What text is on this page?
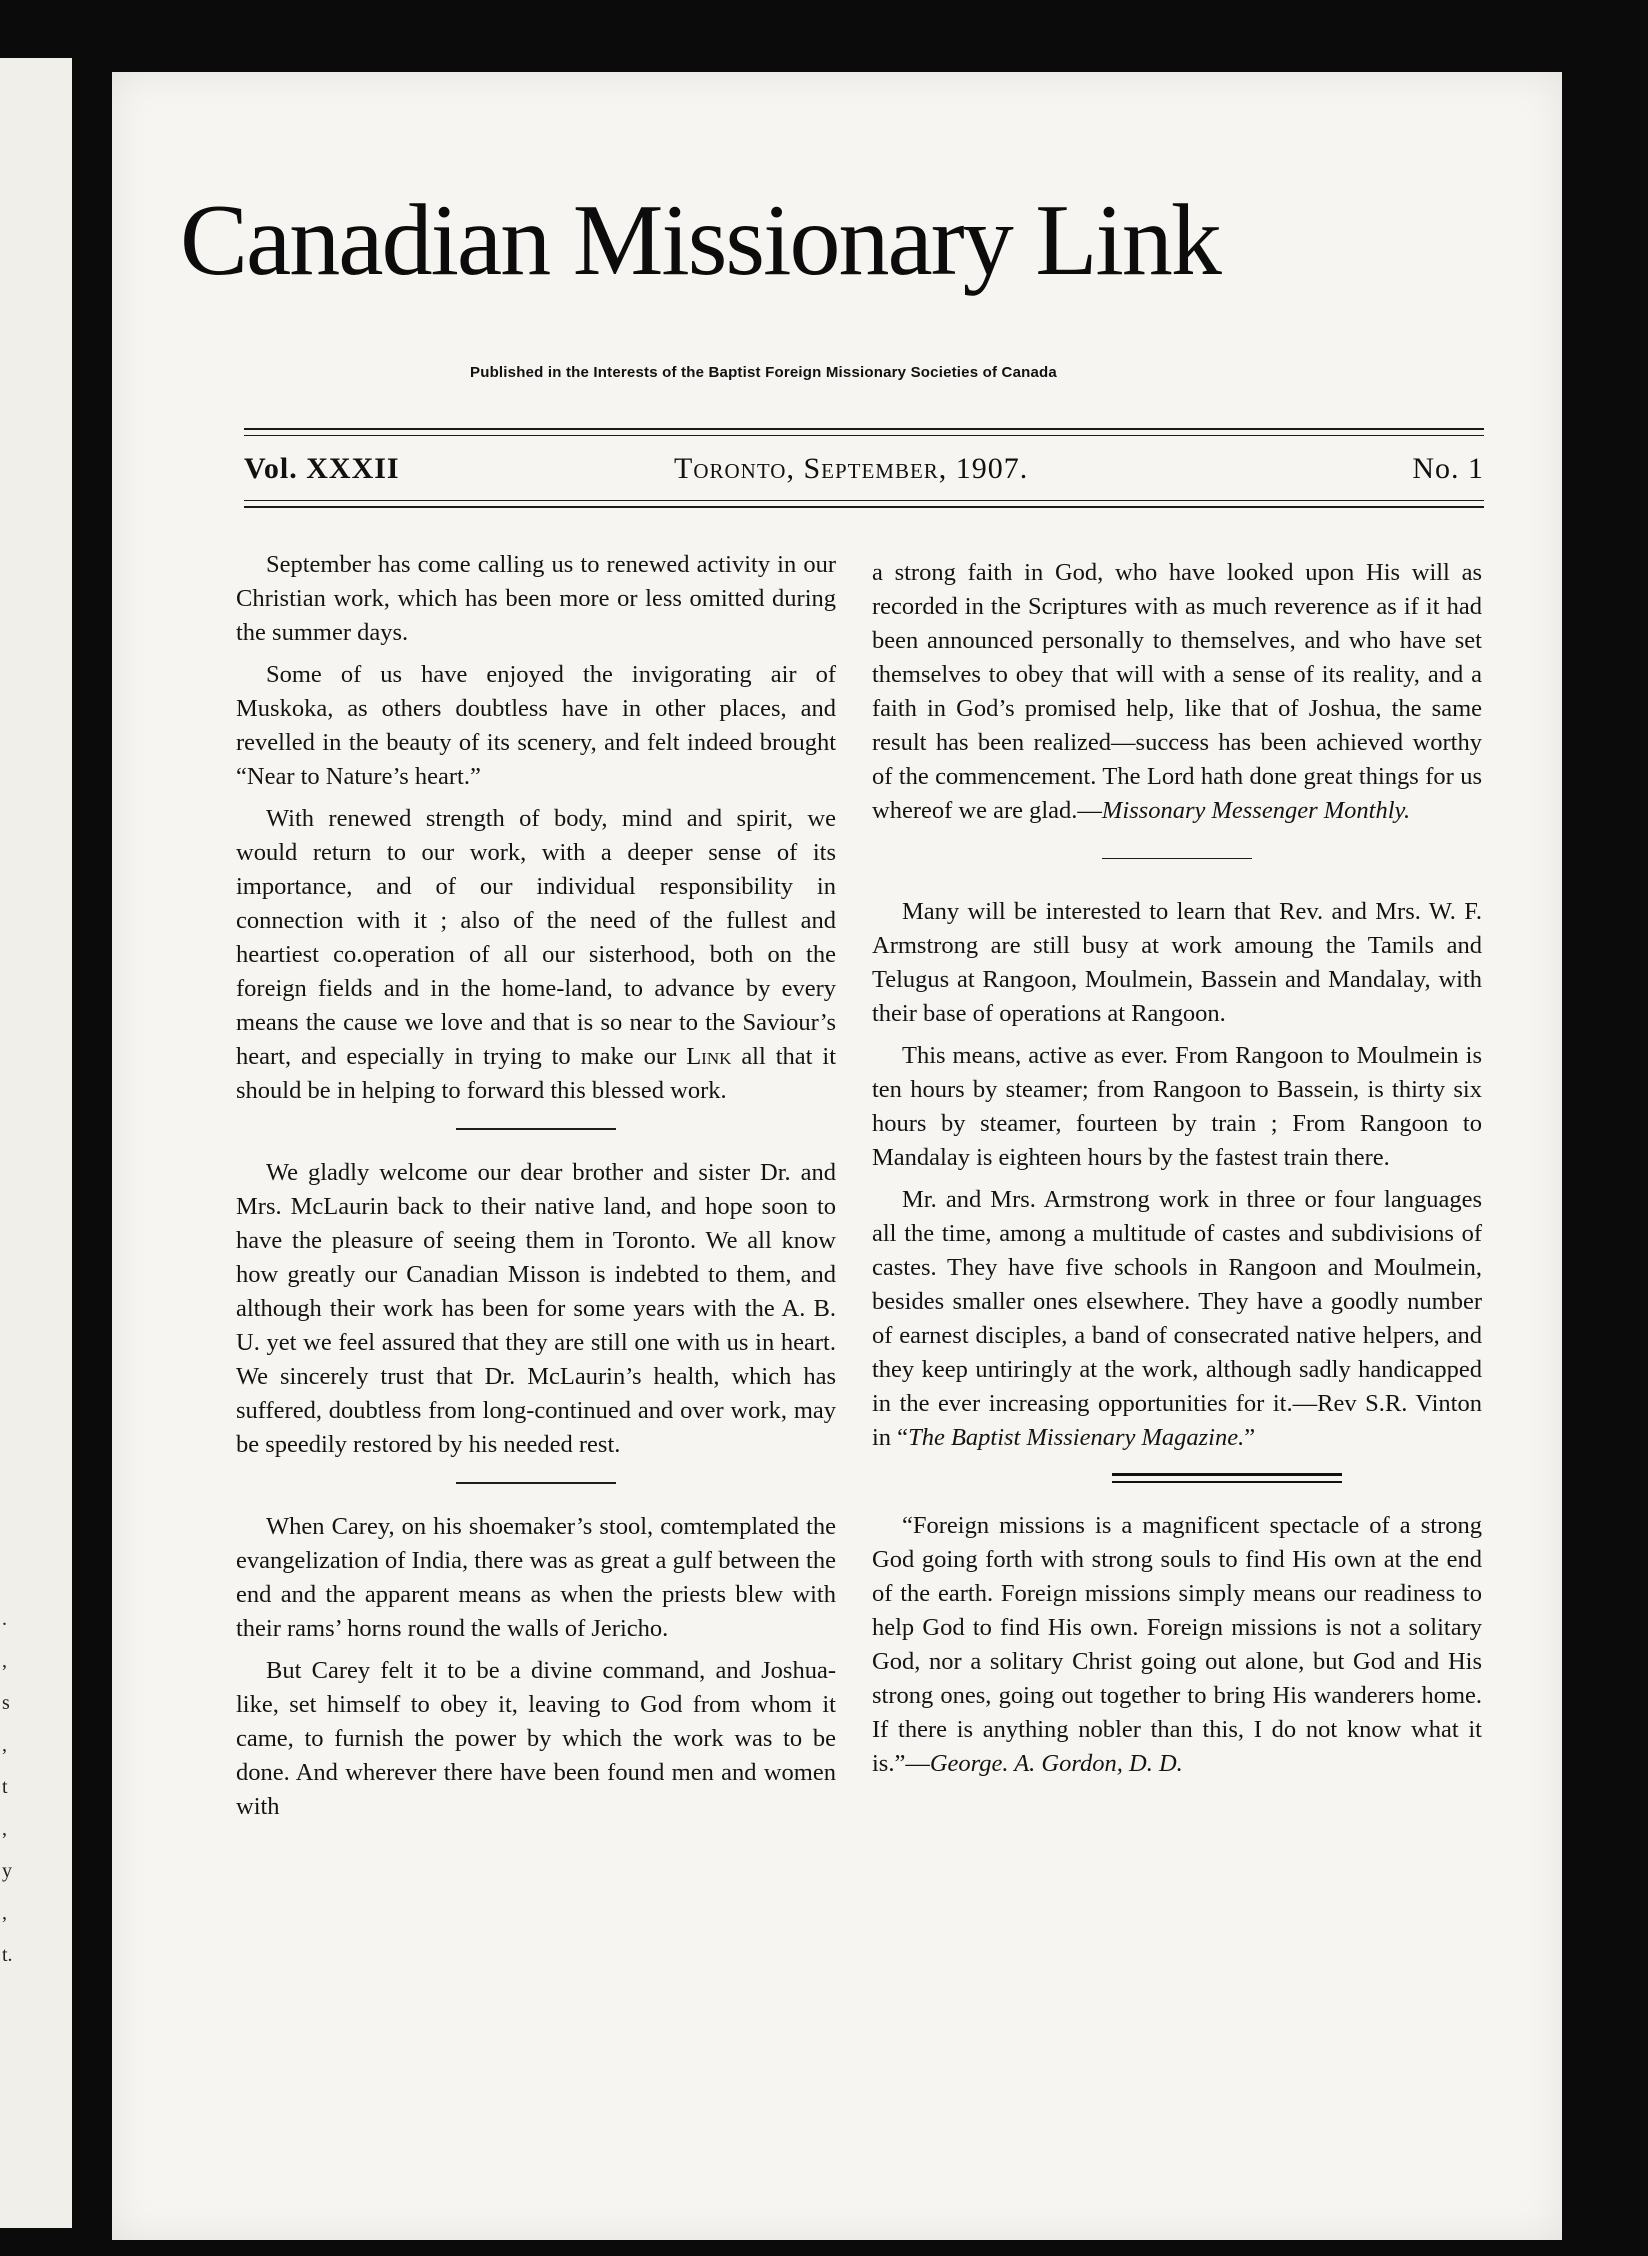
. , s , t , y , t.
Canadian Missionary Link
Published in the Interests of the Baptist Foreign Missionary Societies of Canada
Vol. XXXII	Toronto, September, 1907.	No. 1

September has come calling us to renewed activity in our Christian work, which has been more or less omitted during the summer days.

Some of us have enjoyed the invigorating air of Muskoka, as others doubtless have in other places, and revelled in the beauty of its scenery, and felt indeed brought “Near to Nature’s heart.”

With renewed strength of body, mind and spirit, we would return to our work, with a deeper sense of its importance, and of our individual responsibility in connection with it ; also of the need of the fullest and heartiest co.operation of all our sisterhood, both on the foreign fields and in the home-land, to advance by every means the cause we love and that is so near to the Saviour’s heart, and especially in trying to make our Link all that it should be in helping to forward this blessed work.

We gladly welcome our dear brother and sister Dr. and Mrs. McLaurin back to their native land, and hope soon to have the pleasure of seeing them in Toronto. We all know how greatly our Canadian Misson is indebted to them, and although their work has been for some years with the A. B. U. yet we feel assured that they are still one with us in heart. We sincerely trust that Dr. McLaurin’s health, which has suffered, doubtless from long-continued and over work, may be speedily restored by his needed rest.

When Carey, on his shoemaker’s stool, comtemplated the evangelization of India, there was as great a gulf between the end and the apparent means as when the priests blew with their rams’ horns round the walls of Jericho.

But Carey felt it to be a divine command, and Joshua-like, set himself to obey it, leaving to God from whom it came, to furnish the power by which the work was to be done. And wherever there have been found men and women with

a strong faith in God, who have looked upon His will as recorded in the Scriptures with as much reverence as if it had been announced personally to themselves, and who have set themselves to obey that will with a sense of its reality, and a faith in God’s promised help, like that of Joshua, the same result has been realized—success has been achieved worthy of the commencement. The Lord hath done great things for us whereof we are glad.—Missonary Messenger Monthly.

Many will be interested to learn that Rev. and Mrs. W. F. Armstrong are still busy at work amoung the Tamils and Telugus at Rangoon, Moulmein, Bassein and Mandalay, with their base of operations at Rangoon.

This means, active as ever. From Rangoon to Moulmein is ten hours by steamer; from Rangoon to Bassein, is thirty six hours by steamer, fourteen by train ; From Rangoon to Mandalay is eighteen hours by the fastest train there.

Mr. and Mrs. Armstrong work in three or four languages all the time, among a multitude of castes and subdivisions of castes. They have five schools in Rangoon and Moulmein, besides smaller ones elsewhere. They have a goodly number of earnest disciples, a band of consecrated native helpers, and they keep untiringly at the work, although sadly handicapped in the ever increasing opportunities for it.—Rev S.R. Vinton in “The Baptist Missienary Magazine.”

“Foreign missions is a magnificent spectacle of a strong God going forth with strong souls to find His own at the end of the earth. Foreign missions simply means our readiness to help God to find His own. Foreign missions is not a solitary God, nor a solitary Christ going out alone, but God and His strong ones, going out together to bring His wanderers home. If there is anything nobler than this, I do not know what it is.”—George. A. Gordon, D. D.
